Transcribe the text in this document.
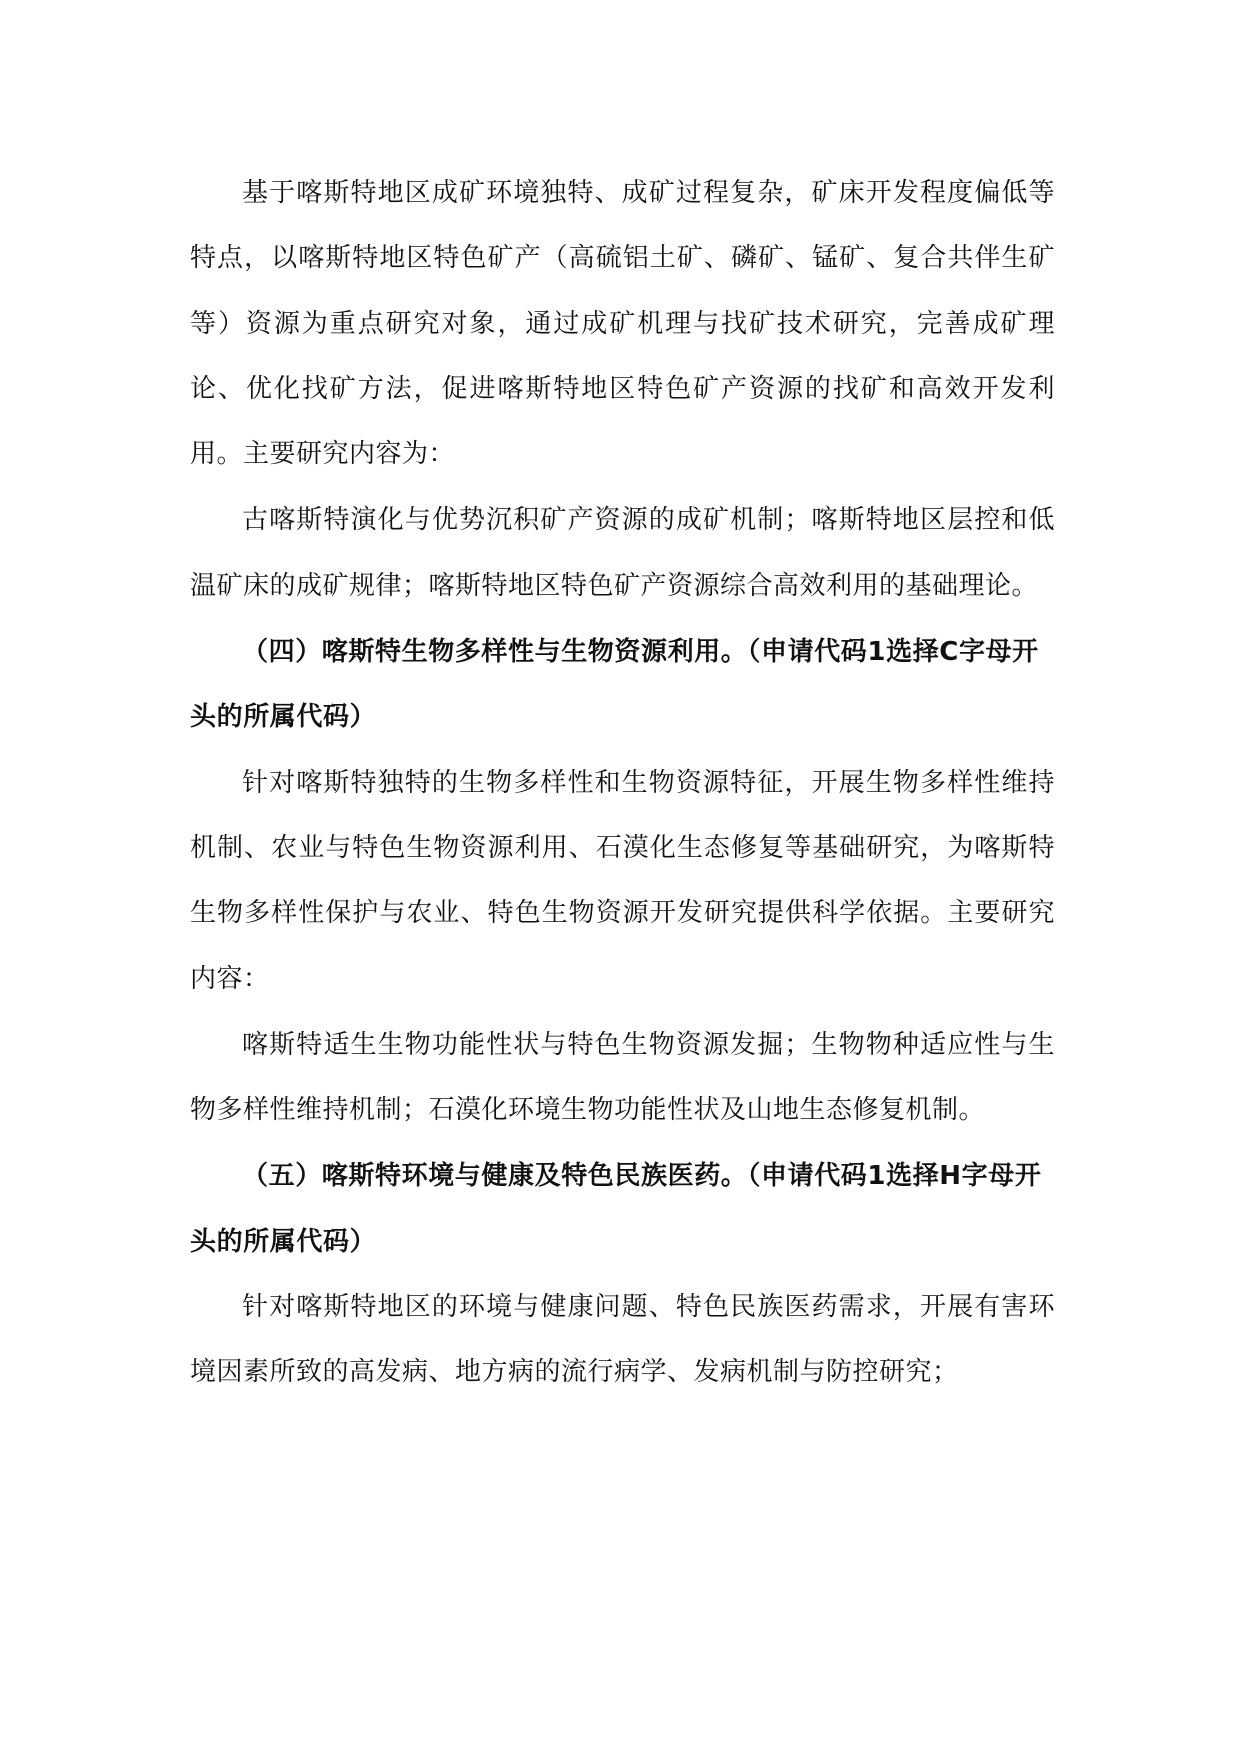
基于喀斯特地区成矿环境独特、成矿过程复杂，矿床开发程度偏低等特点，以喀斯特地区特色矿产（高硫铝土矿、磷矿、锰矿、复合共伴生矿等）资源为重点研究对象，通过成矿机理与找矿技术研究，完善成矿理论、优化找矿方法，促进喀斯特地区特色矿产资源的找矿和高效开发利用。主要研究内容为：

古喀斯特演化与优势沉积矿产资源的成矿机制；喀斯特地区层控和低温矿床的成矿规律；喀斯特地区特色矿产资源综合高效利用的基础理论。

（四）喀斯特生物多样性与生物资源利用。（申请代码1选择C字母开头的所属代码）

针对喀斯特独特的生物多样性和生物资源特征，开展生物多样性维持机制、农业与特色生物资源利用、石漠化生态修复等基础研究，为喀斯特生物多样性保护与农业、特色生物资源开发研究提供科学依据。主要研究内容：

喀斯特适生生物功能性状与特色生物资源发掘；生物物种适应性与生物多样性维持机制；石漠化环境生物功能性状及山地生态修复机制。

（五）喀斯特环境与健康及特色民族医药。（申请代码1选择H字母开头的所属代码）

针对喀斯特地区的环境与健康问题、特色民族医药需求，开展有害环境因素所致的高发病、地方病的流行病学、发病机制与防控研究；
